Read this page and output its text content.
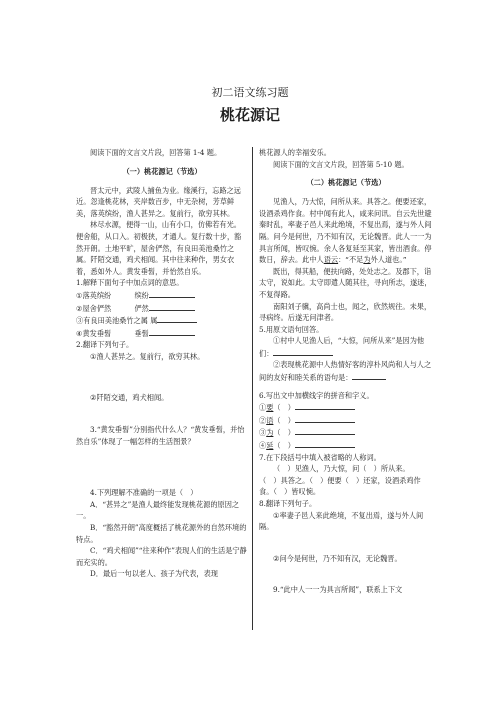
初二语文练习题
桃花源记

阅读下面的文言文片段，回答第 1-4 题。

（一）桃花源记（节选）

晋太元中，武陵人捕鱼为业。缘溪行，忘路之远近。忽逢桃花林，夹岸数百步，中无杂树，芳草鲜美，落英缤纷，渔人甚异之。复前行，欲穷其林。

林尽水源，便得一山，山有小口，仿佛若有光。便舍船，从口入。初极狭，才通人。复行数十步，豁然开朗。土地平旷，屋舍俨然，有良田美池桑竹之属。阡陌交通，鸡犬相闻。其中往来种作，男女衣着，悉如外人。黄发垂髫，并怡然自乐。

1.解释下面句子中加点词的意思。

①落英缤纷	缤纷

②屋舍俨然	俨然

③有良田美池桑竹之属 属

④黄发垂髫	垂髫

2.翻译下列句子。

①渔人甚异之。复前行，欲穷其林。

②阡陌交通，鸡犬相闻。

3.“黄发垂髫”分别指代什么人？“黄发垂髫，并怡然自乐”体现了一幅怎样的生活图景？

4.下列理解不准确的一项是（　）

A．“甚异之”是渔人最终能发现桃花源的原因之一。

B．“豁然开朗”高度概括了桃花源外的自然环境的特点。

C．“鸡犬相闻”“往来种作”表现人们的生活是宁静而充实的。

D．最后一句以老人、孩子为代表，表现

桃花源人的幸福安乐。

阅读下面的文言文片段，回答第 5-10 题。

（二）桃花源记（节选）

见渔人，乃大惊，问所从来。具答之。便要还家，设酒杀鸡作食。村中闻有此人，咸来问讯。自云先世避秦时乱，率妻子邑人来此绝境，不复出焉，遂与外人间隔。问今是何世，乃不知有汉，无论魏晋。此人一一为具言所闻，皆叹惋。余人各复延至其家，皆出酒食。停数日，辞去。此中人语云：“不足为外人道也。”

既出，得其船，便扶向路，处处志之。及郡下，诣太守，说如此。太守即遣人随其往，寻向所志，遂迷，不复得路。

南阳刘子骥，高尚士也，闻之，欣然规往。未果，寻病终。后遂无问津者。

5.用原文语句回答。

①村中人见渔人后，“大惊，问所从来”是因为他们：

②表现桃花源中人热情好客的淳朴风尚和人与人之间的友好和睦关系的语句是：

6.写出文中加横线字的拼音和字义。

①要（　）

②语（　）

③为（　）

④延（　）

7.在下段括号中填入被省略的人称词。

（　）见渔人，乃大惊，问（　）所从来。

（　）具答之。（　）便要（　）还家，设酒杀鸡作食。（　）皆叹惋。

8.翻译下列句子。

①率妻子邑人来此绝境，不复出焉，遂与外人间隔。

②问今是何世，乃不知有汉，无论魏晋。

9.“此中人一一为具言所闻”，联系上下文
